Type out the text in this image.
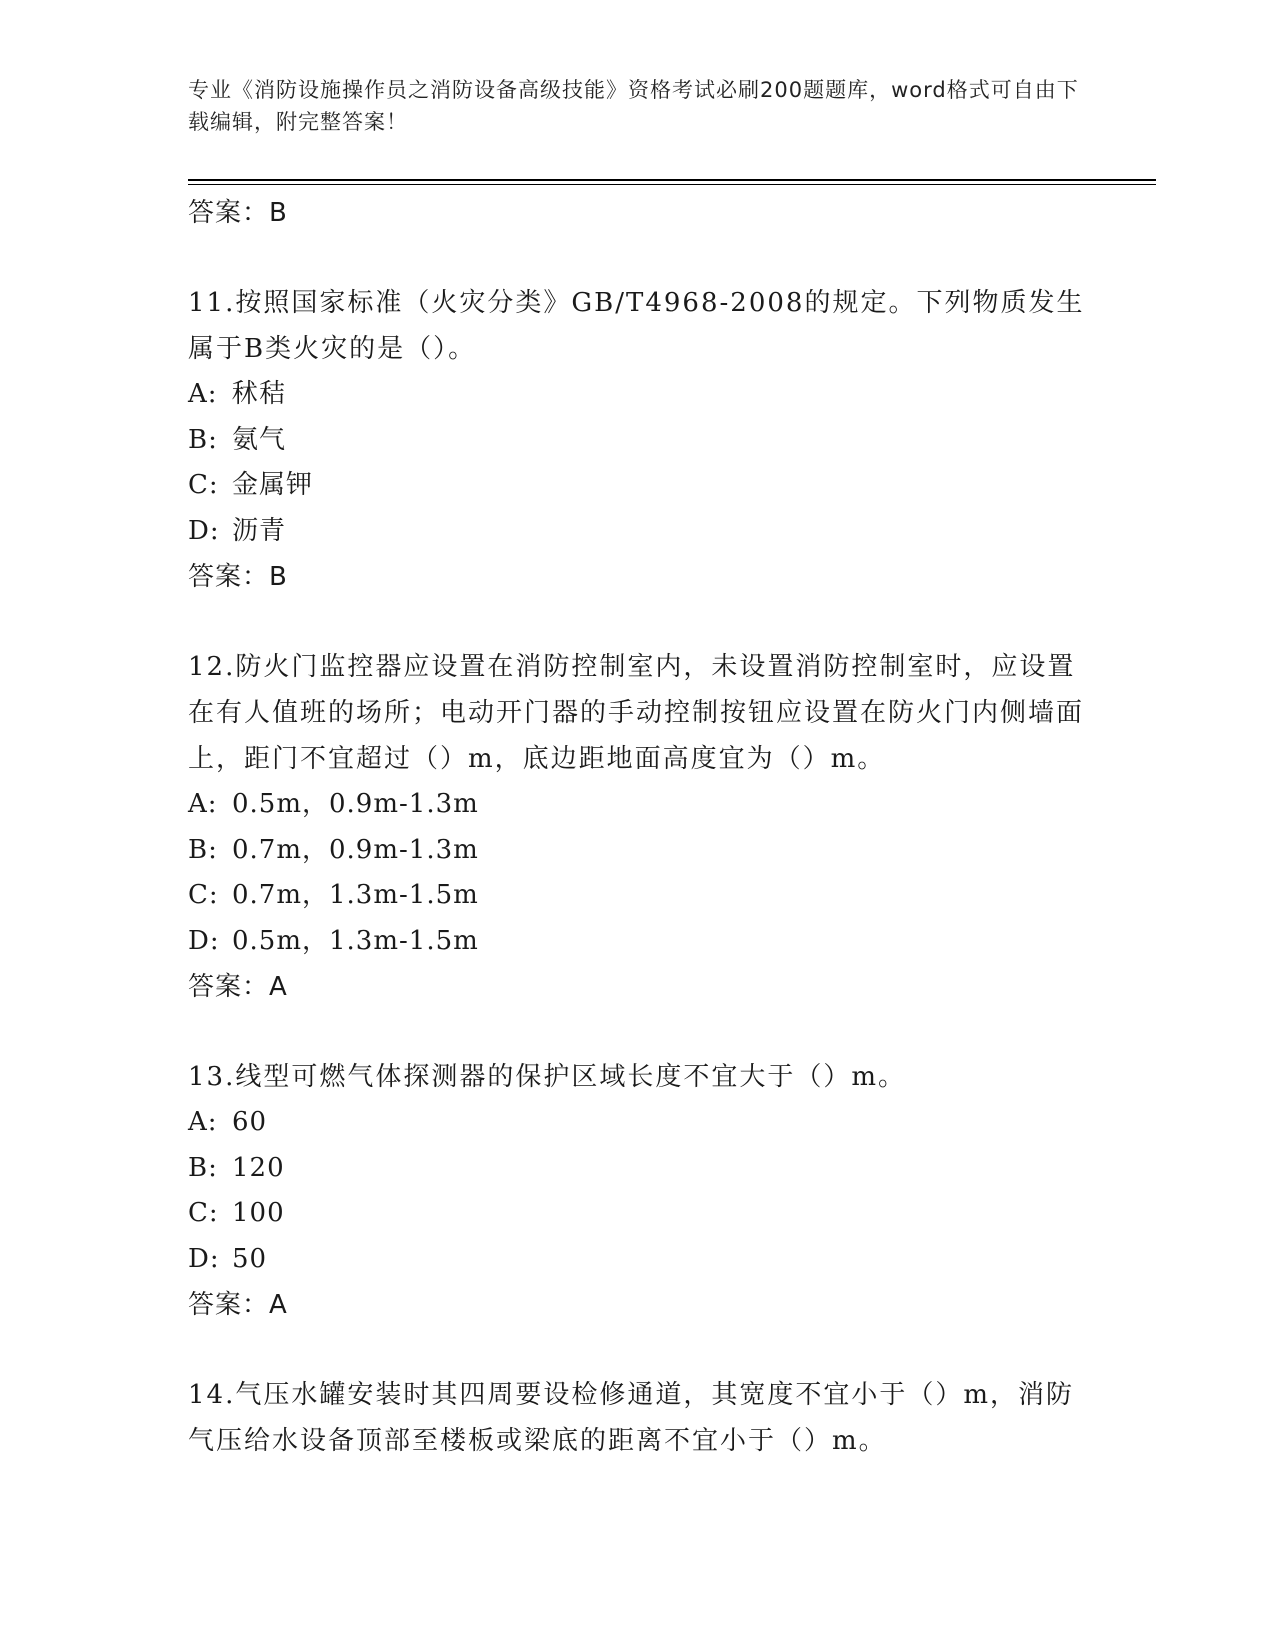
专业《消防设施操作员之消防设备高级技能》资格考试必刷200题题库，word格式可自由下载编辑，附完整答案！
答案：B
11.按照国家标准（火灾分类》GB/T4968-2008的规定。下列物质发生属于B类火灾的是（）。
A: 秫秸
B: 氨气
C: 金属钾
D: 沥青
答案：B
12.防火门监控器应设置在消防控制室内，未设置消防控制室时，应设置在有人值班的场所；电动开门器的手动控制按钮应设置在防火门内侧墙面上，距门不宜超过（）m，底边距地面高度宜为（）m。
A: 0.5m，0.9m-1.3m
B: 0.7m，0.9m-1.3m
C: 0.7m，1.3m-1.5m
D: 0.5m，1.3m-1.5m
答案：A
13.线型可燃气体探测器的保护区域长度不宜大于（）m。
A: 60
B: 120
C: 100
D: 50
答案：A
14.气压水罐安装时其四周要设检修通道，其宽度不宜小于（）m，消防气压给水设备顶部至楼板或梁底的距离不宜小于（）m。
